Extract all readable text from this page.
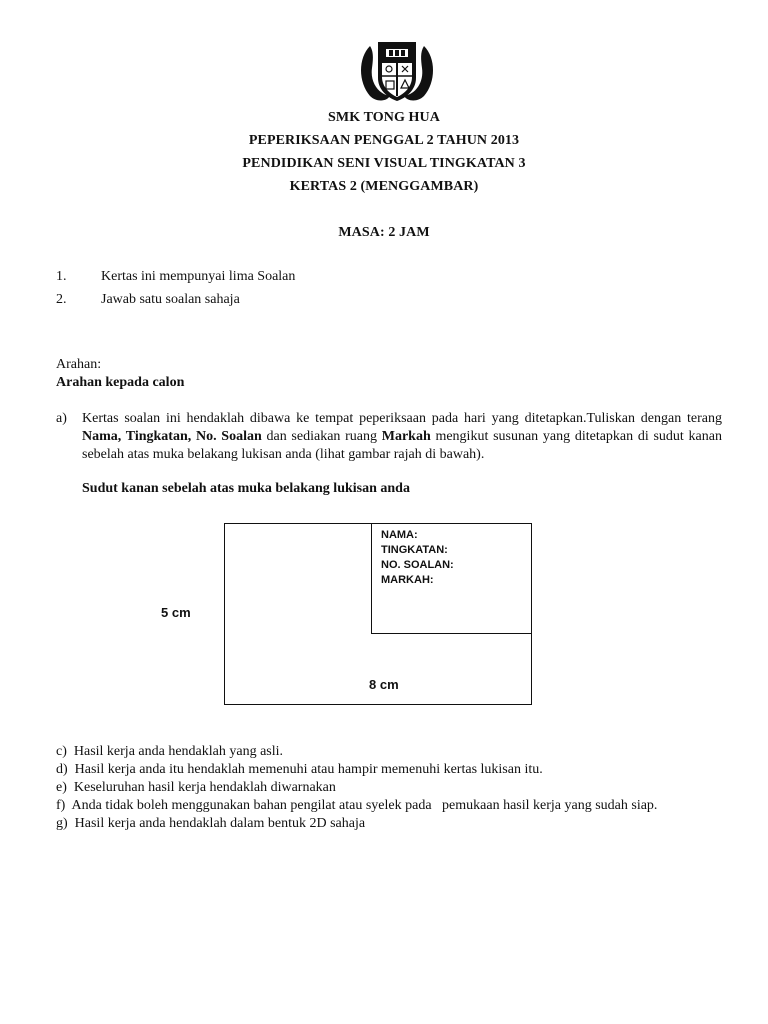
SMK TONG HUA
PEPERIKSAAN PENGGAL 2 TAHUN 2013
PENDIDIKAN SENI VISUAL TINGKATAN 3
KERTAS 2 (MENGGAMBAR)
MASA: 2 JAM
1. Kertas ini mempunyai lima Soalan
2. Jawab satu soalan sahaja
Arahan:
Arahan kepada calon
a) Kertas soalan ini hendaklah dibawa ke tempat peperiksaan pada hari yang ditetapkan.Tuliskan dengan terang Nama, Tingkatan, No. Soalan dan sediakan ruang Markah mengikut susunan yang ditetapkan di sudut kanan sebelah atas muka belakang lukisan anda (lihat gambar rajah di bawah).
Sudut kanan sebelah atas muka belakang lukisan anda
NAMA:
TINGKATAN:
NO. SOALAN:
MARKAH:
5 cm
8 cm
c)  Hasil kerja anda hendaklah yang asli.
d)  Hasil kerja anda itu hendaklah memenuhi atau hampir memenuhi kertas lukisan itu.
e)  Keseluruhan hasil kerja hendaklah diwarnakan
f)  Anda tidak boleh menggunakan bahan pengilat atau syelek pada   pemukaan hasil kerja yang sudah siap.
g)  Hasil kerja anda hendaklah dalam bentuk 2D sahaja
